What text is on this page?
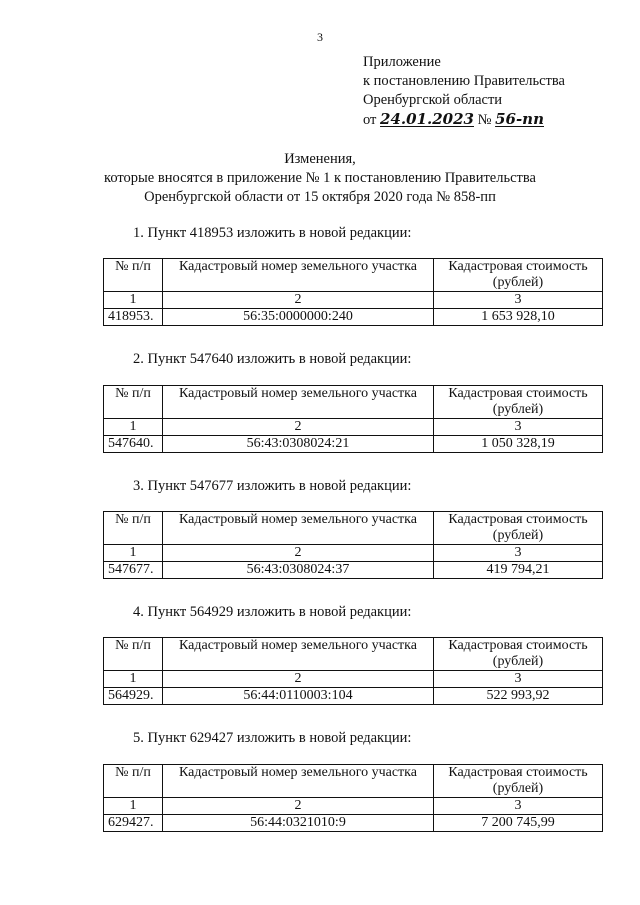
3
Приложение
к постановлению Правительства
Оренбургской области
от 24.01.2023 № 56-пп
Изменения,
которые вносятся в приложение № 1 к постановлению Правительства
Оренбургской области от 15 октября 2020 года № 858-пп
1. Пункт 418953 изложить в новой редакции:
№ п/п	Кадастровый номер земельного участка	Кадастровая стоимость
(рублей)
1	2	3
418953.	56:35:0000000:240	1 653 928,10
2. Пункт 547640 изложить в новой редакции:
№ п/п	Кадастровый номер земельного участка	Кадастровая стоимость
(рублей)
1	2	3
547640.	56:43:0308024:21	1 050 328,19
3. Пункт 547677 изложить в новой редакции:
№ п/п	Кадастровый номер земельного участка	Кадастровая стоимость
(рублей)
1	2	3
547677.	56:43:0308024:37	419 794,21
4. Пункт 564929 изложить в новой редакции:
№ п/п	Кадастровый номер земельного участка	Кадастровая стоимость
(рублей)
1	2	3
564929.	56:44:0110003:104	522 993,92
5. Пункт 629427 изложить в новой редакции:
№ п/п	Кадастровый номер земельного участка	Кадастровая стоимость
(рублей)
1	2	3
629427.	56:44:0321010:9	7 200 745,99
